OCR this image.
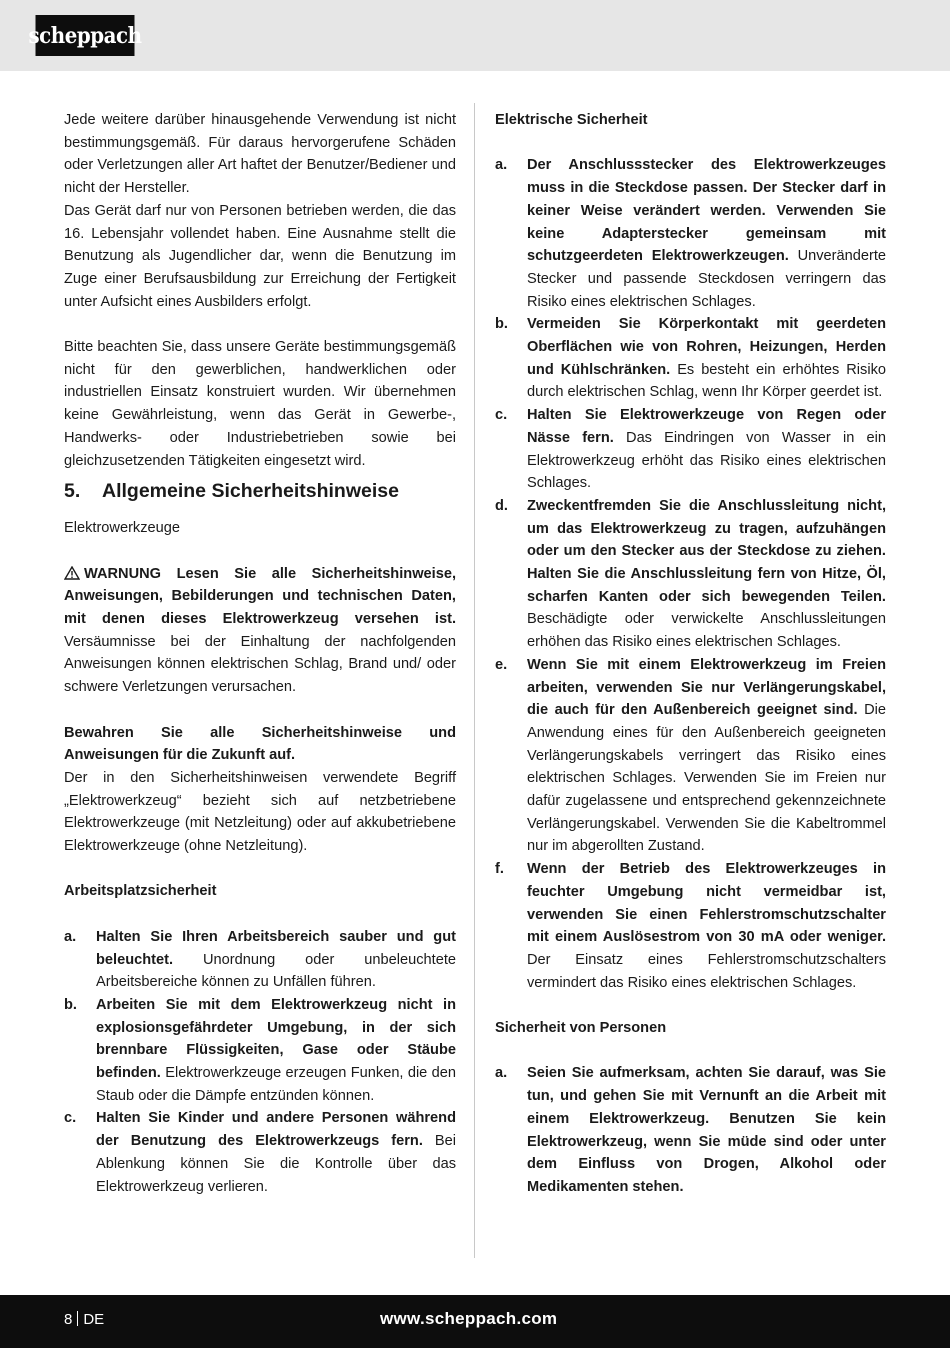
scheppach

Jede weitere darüber hinausgehende Verwendung ist nicht bestimmungsgemäß. Für daraus hervorgerufene Schäden oder Verletzungen aller Art haftet der Benutzer/Bediener und nicht der Hersteller.

Das Gerät darf nur von Personen betrieben werden, die das 16. Lebensjahr vollendet haben. Eine Ausnahme stellt die Benutzung als Jugendlicher dar, wenn die Benutzung im Zuge einer Berufsausbildung zur Erreichung der Fertigkeit unter Aufsicht eines Ausbilders erfolgt.

Bitte beachten Sie, dass unsere Geräte bestimmungsgemäß nicht für den gewerblichen, handwerklichen oder industriellen Einsatz konstruiert wurden. Wir übernehmen keine Gewährleistung, wenn das Gerät in Gewerbe-, Handwerks- oder Industriebetrieben sowie bei gleichzusetzenden Tätigkeiten eingesetzt wird.

5. Allgemeine Sicherheitshinweise

Elektrowerkzeuge

WARNUNG Lesen Sie alle Sicherheitshinweise, Anweisungen, Bebilderungen und technischen Daten, mit denen dieses Elektrowerkzeug versehen ist. Versäumnisse bei der Einhaltung der nachfolgenden Anweisungen können elektrischen Schlag, Brand und/ oder schwere Verletzungen verursachen.

Bewahren Sie alle Sicherheitshinweise und Anweisungen für die Zukunft auf.

Der in den Sicherheitshinweisen verwendete Begriff „Elektrowerkzeug“ bezieht sich auf netzbetriebene Elektrowerkzeuge (mit Netzleitung) oder auf akkubetriebene Elektrowerkzeuge (ohne Netzleitung).

Arbeitsplatzsicherheit

a.	Halten Sie Ihren Arbeitsbereich sauber und gut beleuchtet. Unordnung oder unbeleuchtete Arbeitsbereiche können zu Unfällen führen.

b.	Arbeiten Sie mit dem Elektrowerkzeug nicht in explosionsgefährdeter Umgebung, in der sich brennbare Flüssigkeiten, Gase oder Stäube befinden. Elektrowerkzeuge erzeugen Funken, die den Staub oder die Dämpfe entzünden können.

c.	Halten Sie Kinder und andere Personen während der Benutzung des Elektrowerkzeugs fern. Bei Ablenkung können Sie die Kontrolle über das Elektrowerkzeug verlieren.

Elektrische Sicherheit

a.	Der Anschlussstecker des Elektrowerkzeuges muss in die Steckdose passen. Der Stecker darf in keiner Weise verändert werden. Verwenden Sie keine Adapterstecker gemeinsam mit schutzgeerdeten Elektrowerkzeugen. Unveränderte Stecker und passende Steckdosen verringern das Risiko eines elektrischen Schlages.

b.	Vermeiden Sie Körperkontakt mit geerdeten Oberflächen wie von Rohren, Heizungen, Herden und Kühlschränken. Es besteht ein erhöhtes Risiko durch elektrischen Schlag, wenn Ihr Körper geerdet ist.

c.	Halten Sie Elektrowerkzeuge von Regen oder Nässe fern. Das Eindringen von Wasser in ein Elektrowerkzeug erhöht das Risiko eines elektrischen Schlages.

d.	Zweckentfremden Sie die Anschlussleitung nicht, um das Elektrowerkzeug zu tragen, aufzuhängen oder um den Stecker aus der Steckdose zu ziehen. Halten Sie die Anschlussleitung fern von Hitze, Öl, scharfen Kanten oder sich bewegenden Teilen. Beschädigte oder verwickelte Anschlussleitungen erhöhen das Risiko eines elektrischen Schlages.

e.	Wenn Sie mit einem Elektrowerkzeug im Freien arbeiten, verwenden Sie nur Verlängerungskabel, die auch für den Außenbereich geeignet sind. Die Anwendung eines für den Außenbereich geeigneten Verlängerungskabels verringert das Risiko eines elektrischen Schlages. Verwenden Sie im Freien nur dafür zugelassene und entsprechend gekennzeichnete Verlängerungskabel. Verwenden Sie die Kabeltrommel nur im abgerollten Zustand.

f.	Wenn der Betrieb des Elektrowerkzeuges in feuchter Umgebung nicht vermeidbar ist, verwenden Sie einen Fehlerstromschutzschalter mit einem Auslösestrom von 30 mA oder weniger. Der Einsatz eines Fehlerstromschutzschalters vermindert das Risiko eines elektrischen Schlages.

Sicherheit von Personen

a.	Seien Sie aufmerksam, achten Sie darauf, was Sie tun, und gehen Sie mit Vernunft an die Arbeit mit einem Elektrowerkzeug. Benutzen Sie kein Elektrowerkzeug, wenn Sie müde sind oder unter dem Einfluss von Drogen, Alkohol oder Medikamenten stehen.

8 DE	www.scheppach.com
